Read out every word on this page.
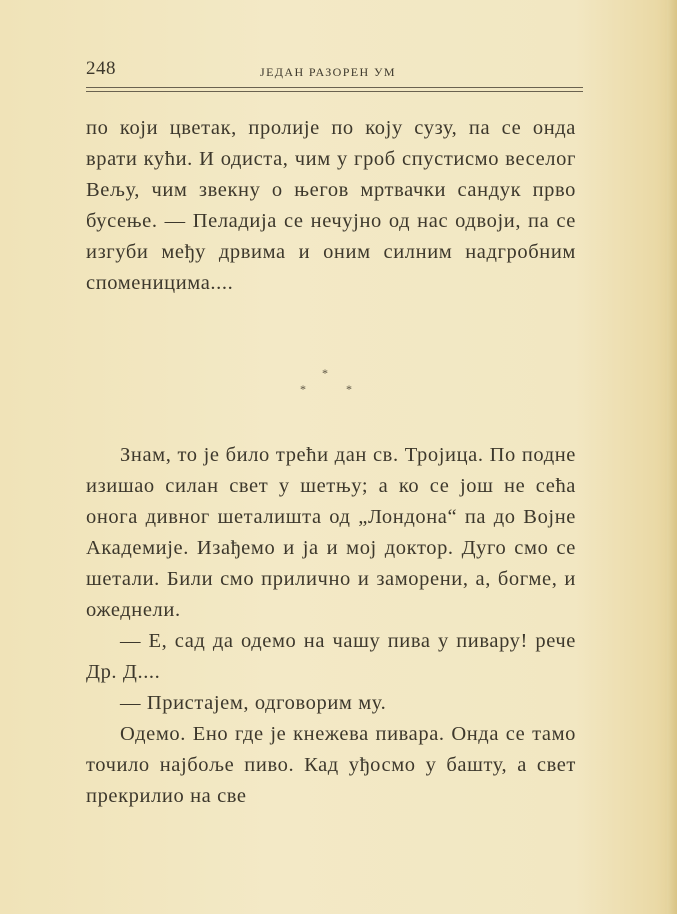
248	ЈЕДАН РАЗОРЕН УМ

по који цветак, пролије по коју сузу, па се онда врати кући. И одиста, чим у гроб спустисмо веселог Вељу, чим звекну о његов мртвачки сандук прво бусење. — Пеладија се нечујно од нас одвоји, па се изгуби међу дрвима и оним силним надгробним споменицима....

*
*	*

Знам, то је било трећи дан св. Тројица. По подне изишао силан свет у шетњу; а ко се још не сећа онога дивног шеталишта од „Лондона“ па до Војне Академије. Изађемо и ја и мој доктор. Дуго смо се шетали. Били смо прилично и заморени, а, богме, и ожеднели.

— Е, сад да одемо на чашу пива у пивару! рече Др. Д....

— Пристајем, одговорим му.

Одемо. Ено где је кнежева пивара. Онда се тамо точило најбоље пиво. Кад уђосмо у башту, а свет прекрилио на све
